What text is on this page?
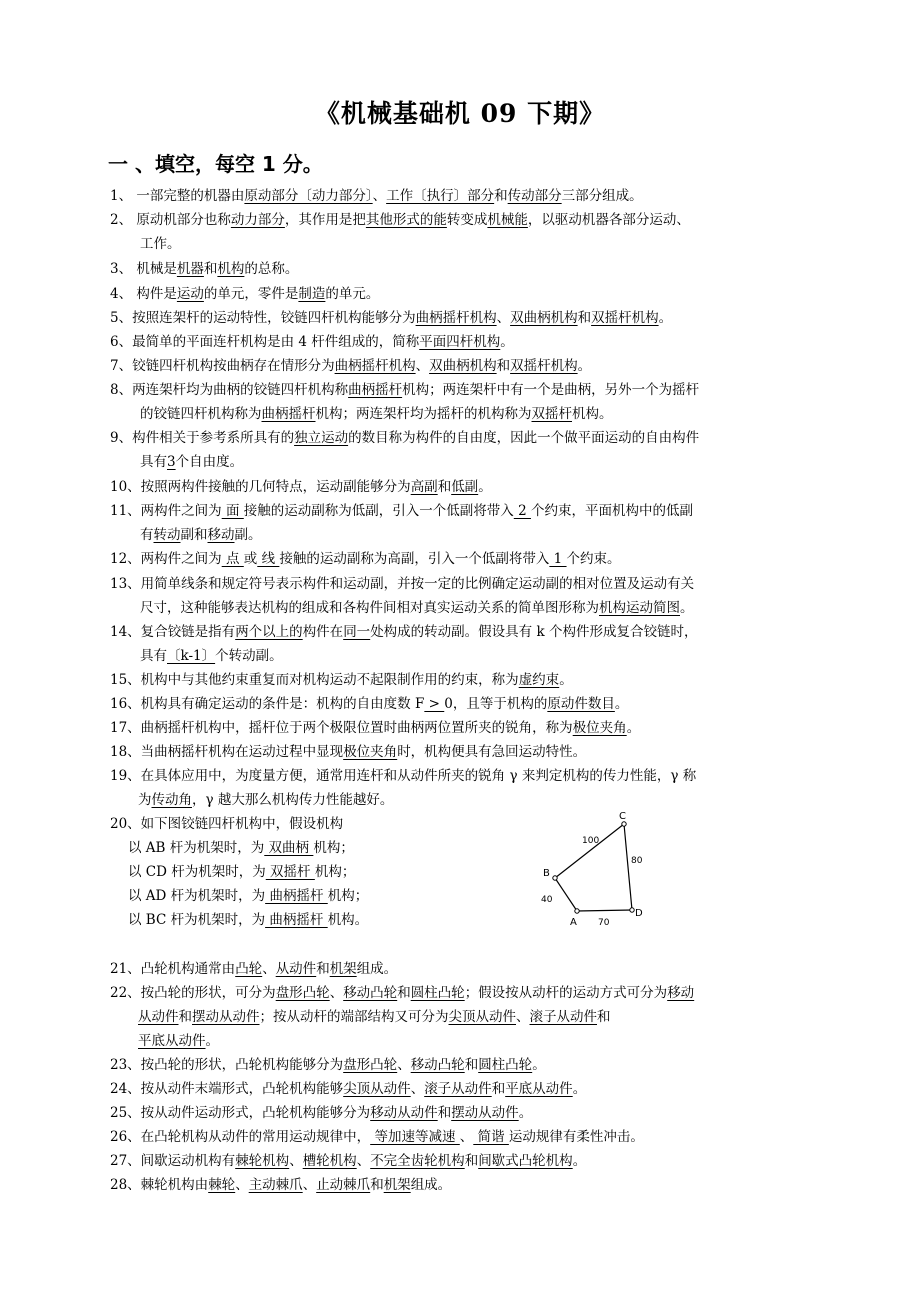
《机械基础机 09 下期》
一 、填空，每空 1 分。
1、 一部完整的机器由原动部分〔动力部分〕、工作〔执行〕部分和传动部分三部分组成。
2、 原动机部分也称动力部分，其作用是把其他形式的能转变成机械能，以驱动机器各部分运动、
工作。
3、 机械是机器和机构的总称。
4、 构件是运动的单元，零件是制造的单元。
5、按照连架杆的运动特性，铰链四杆机构能够分为曲柄摇杆机构、双曲柄机构和双摇杆机构。
6、最简单的平面连杆机构是由 4 杆件组成的，简称平面四杆机构。
7、铰链四杆机构按曲柄存在情形分为曲柄摇杆机构、双曲柄机构和双摇杆机构。
8、两连架杆均为曲柄的铰链四杆机构称曲柄摇杆机构；两连架杆中有一个是曲柄，另外一个为摇杆
的铰链四杆机构称为曲柄摇杆机构；两连架杆均为摇杆的机构称为双摇杆机构。
9、构件相关于参考系所具有的独立运动的数目称为构件的自由度，因此一个做平面运动的自由构件
具有3个自由度。
10、按照两构件接触的几何特点，运动副能够分为高副和低副。
11、两构件之间为 面 接触的运动副称为低副，引入一个低副将带入 2 个约束，平面机构中的低副
有转动副和移动副。
12、两构件之间为 点 或 线 接触的运动副称为高副，引入一个低副将带入 1 个约束。
13、用简单线条和规定符号表示构件和运动副，并按一定的比例确定运动副的相对位置及运动有关
尺寸，这种能够表达机构的组成和各构件间相对真实运动关系的简单图形称为机构运动简图。
14、复合铰链是指有两个以上的构件在同一处构成的转动副。假设具有 k 个构件形成复合铰链时，
具有〔k-1〕个转动副。
15、机构中与其他约束重复而对机构运动不起限制作用的约束，称为虚约束。
16、机构具有确定运动的条件是：机构的自由度数 F > 0，且等于机构的原动件数目。
17、曲柄摇杆机构中，摇杆位于两个极限位置时曲柄两位置所夹的锐角，称为极位夹角。
18、当曲柄摇杆机构在运动过程中显现极位夹角时，机构便具有急回运动特性。
19、在具体应用中，为度量方便，通常用连杆和从动件所夹的锐角 γ 来判定机构的传力性能，γ 称
为传动角，γ 越大那么机构传力性能越好。
20、如下图铰链四杆机构中，假设机构
以 AB 杆为机架时，为 双曲柄 机构；
以 CD 杆为机架时，为 双摇杆 机构；
以 AD 杆为机架时，为 曲柄摇杆 机构；
以 BC 杆为机架时，为 曲柄摇杆 机构。	A
B
C
D
100
80
40
70
21、凸轮机构通常由凸轮、从动件和机架组成。
22、按凸轮的形状，可分为盘形凸轮、移动凸轮和圆柱凸轮；假设按从动杆的运动方式可分为移动
从动件和摆动从动件；按从动杆的端部结构又可分为尖顶从动件、滚子从动件和
平底从动件。
23、按凸轮的形状，凸轮机构能够分为盘形凸轮、移动凸轮和圆柱凸轮。
24、按从动件末端形式，凸轮机构能够尖顶从动件、滚子从动件和平底从动件。
25、按从动件运动形式，凸轮机构能够分为移动从动件和摆动从动件。
26、在凸轮机构从动件的常用运动规律中， 等加速等减速 、 简谐 运动规律有柔性冲击。
27、间歇运动机构有棘轮机构、槽轮机构、不完全齿轮机构和间歇式凸轮机构。
28、棘轮机构由棘轮、主动棘爪、止动棘爪和机架组成。
